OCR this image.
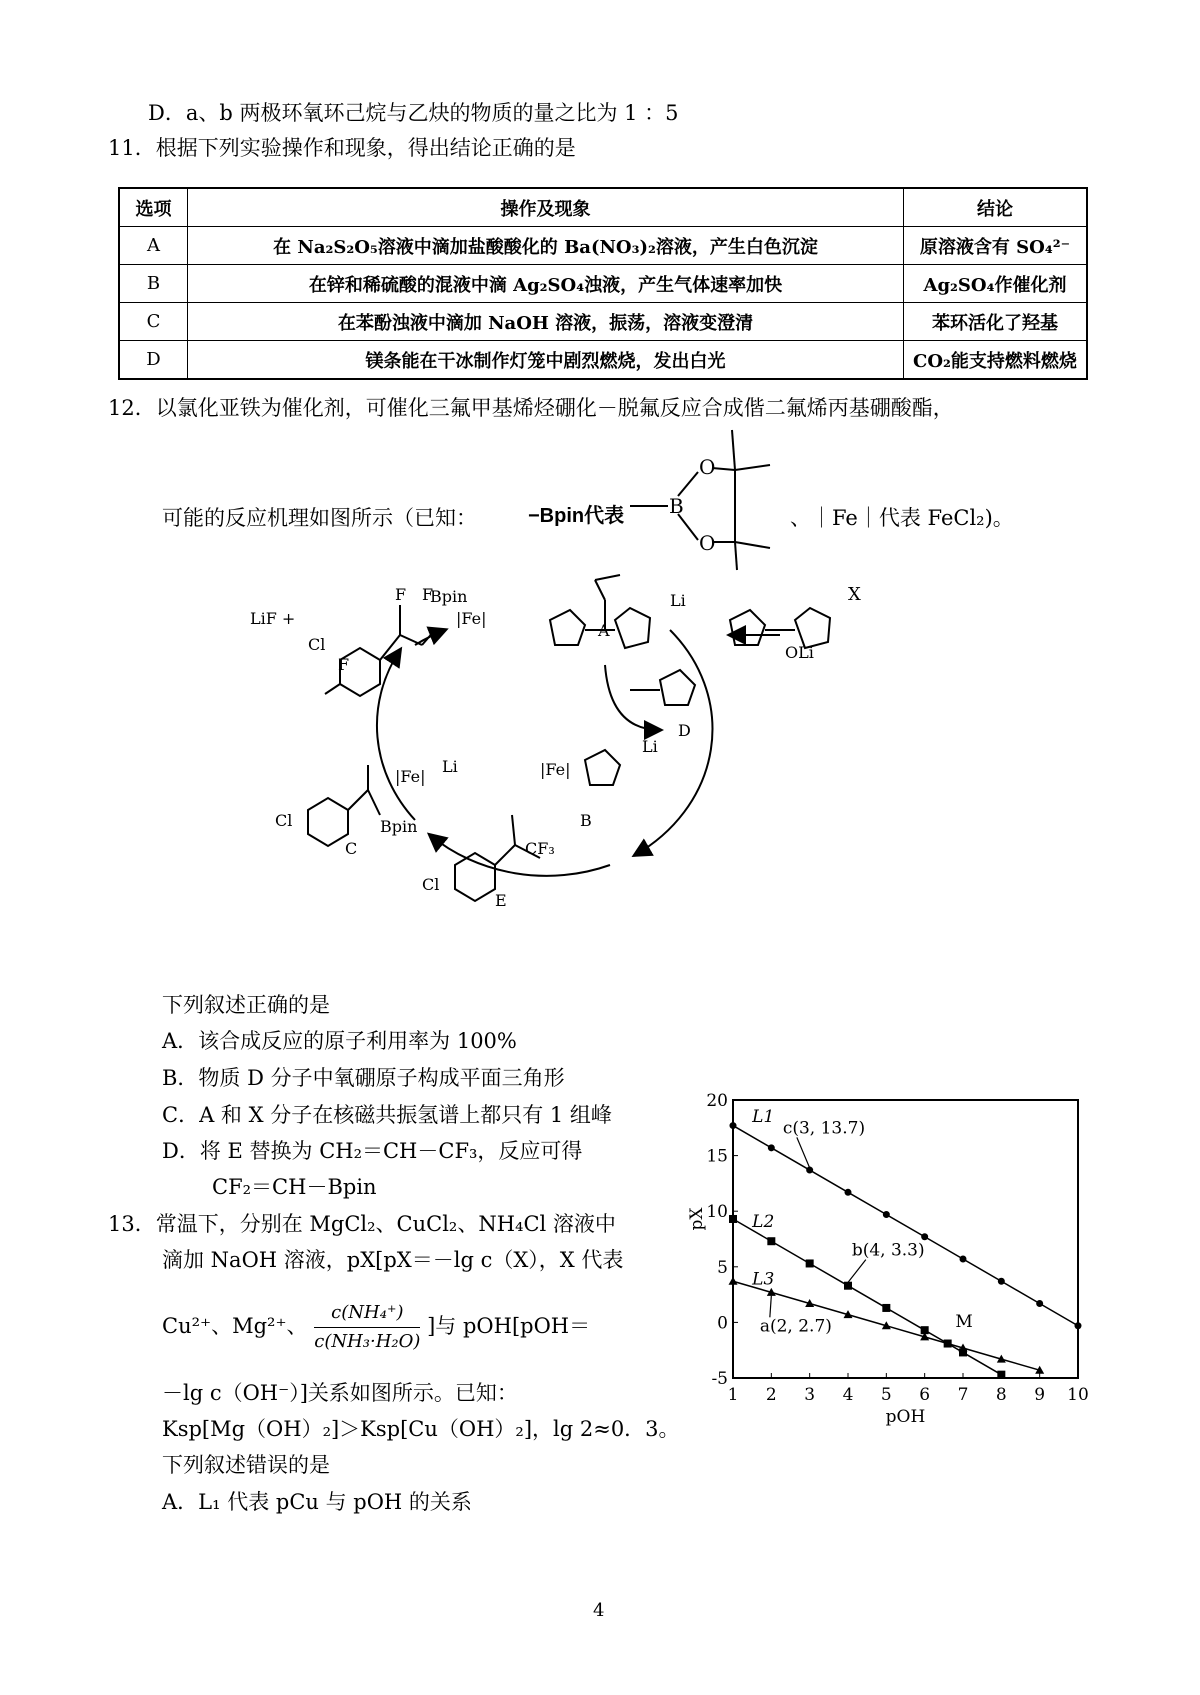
D．a、b 两极环氧环己烷与乙炔的物质的量之比为 1 ：5
11．根据下列实验操作和现象，得出结论正确的是
选项	操作及现象	结论
A	在 Na₂S₂O₅溶液中滴加盐酸酸化的 Ba(NO₃)₂溶液，产生白色沉淀	原溶液含有 SO₄²⁻
B	在锌和稀硫酸的混液中滴 Ag₂SO₄浊液，产生气体速率加快	Ag₂SO₄作催化剂
C	在苯酚浊液中滴加 NaOH 溶液，振荡，溶液变澄清	苯环活化了羟基
D	镁条能在干冰制作灯笼中剧烈燃烧，发出白光	CO₂能支持燃料燃烧
12．以氯化亚铁为催化剂，可催化三氟甲基烯烃硼化－脱氟反应合成偕二氟烯丙基硼酸酯，
可能的反应机理如图所示（已知：	−Bpin代表 B
O
O
、｜Fe｜代表 FeCl₂)。
LiF +
Cl
F
F F
Bpin
|Fe|
A
Li	X
OLi
D
|Fe|
Li
B
|Fe|
Li
Cl	Bpin
C	CF₃
Cl
E
下列叙述正确的是
A．该合成反应的原子利用率为 100%
B．物质 D 分子中氧硼原子构成平面三角形
C．A 和 X 分子在核磁共振氢谱上都只有 1 组峰
D．将 E 替换为 CH₂＝CH－CF₃，反应可得
CF₂＝CH－Bpin
13．常温下，分别在 MgCl₂、CuCl₂、NH₄Cl 溶液中
滴加 NaOH 溶液，pX[pX＝－lg c（X），X 代表
Cu²⁺、Mg²⁺、 $\frac{\text{c(NH₄⁺)}}{\text{c(NH₃·H₂O)}}$ ]与 pOH[pOH＝
－lg c（OH⁻）]关系如图所示。已知：
Ksp[Mg（OH）₂]＞Ksp[Cu（OH）₂]，lg 2≈0．3。
下列叙述错误的是
A．L₁ 代表 pCu 与 pOH 的关系
1 2 3 4 5 6 7 8 9 10
-5
0
5
10
15
20
pOH
pX
L1
L2
L3
c(3, 13.7)
b(4, 3.3)
a(2, 2.7)	M
4
